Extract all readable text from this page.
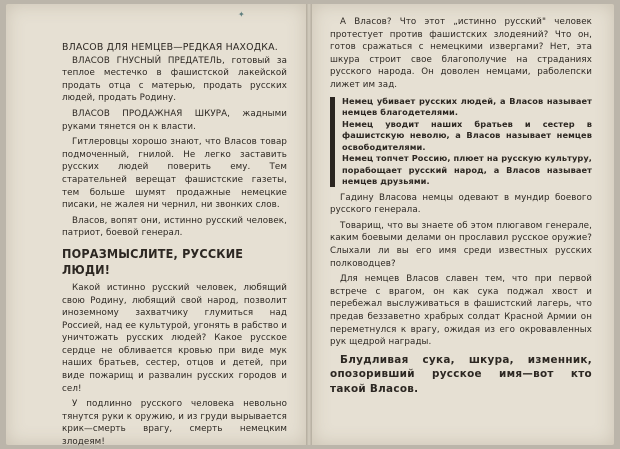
✦

ВЛАСОВ ДЛЯ НЕМЦЕВ—РЕДКАЯ НАХОДКА.

ВЛАСОВ ГНУСНЫЙ ПРЕДАТЕЛЬ, готовый за теплое местечко в фашистской лакейской продать отца с матерью, продать русских людей, продать Родину.

ВЛАСОВ ПРОДАЖНАЯ ШКУРА, жадными руками тянется он к власти.

Гитлеровцы хорошо знают, что Власов товар подмоченный, гнилой. Не легко заставить русских людей поверить ему. Тем старательней верещат фашистские газеты, тем больше шумят продажные немецкие писаки, не жалея ни чернил, ни звонких слов.

Власов, вопят они, истинно русский человек, патриот, боевой генерал.

ПОРАЗМЫСЛИТЕ, РУССКИЕ ЛЮДИ!

Какой истинно русский человек, любящий свою Родину, любящий свой народ, позволит иноземному захватчику глумиться над Россией, над ее культурой, угонять в рабство и уничтожать русских людей? Какое русское сердце не обливается кровью при виде мук наших братьев, сестер, отцов и детей, при виде пожарищ и развалин русских городов и сел!

У подлинно русского человека невольно тянутся руки к оружию, и из груди вырывается крик—смерть врагу, смерть немецким злодеям!

А Власов? Что этот „истинно русский" человек протестует против фашистских злодеяний? Что он, готов сражаться с немецкими извергами? Нет, эта шкура строит свое благополучие на страданиях русского народа. Он доволен немцами, раболепски лижет им зад.

Немец убивает русских людей, а Власов называет немцев благодетелями.

Немец уводит наших братьев и сестер в фашистскую неволю, а Власов называет немцев освободителями.

Немец топчет Россию, плюет на русскую культуру, порабощает русский народ, а Власов называет немцев друзьями.

Гадину Власова немцы одевают в мундир боевого русского генерала.

Товарищ, что вы знаете об этом плюгавом генерале, каким боевыми делами он прославил русское оружие? Слыхали ли вы его имя среди известных русских полководцев?

Для немцев Власов славен тем, что при первой встрече с врагом, он как сука поджал хвост и перебежал выслуживаться в фашистский лагерь, что предав беззаветно храбрых солдат Красной Армии он переметнулся к врагу, ожидая из его окровавленных рук щедрой награды.

Блудливая сука, шкура, изменник, опозоривший русское имя—вот кто такой Власов.
